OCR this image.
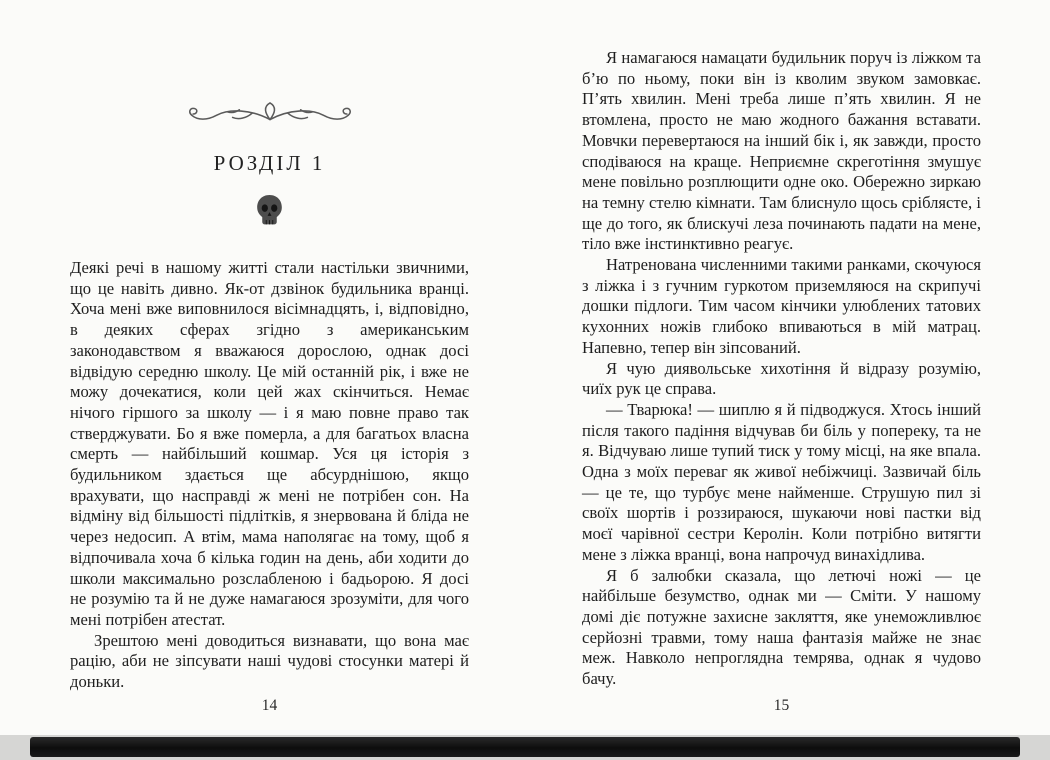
РОЗДІЛ 1

Деякі речі в нашому житті стали настільки звичними, що це навіть дивно. Як-от дзвінок будильника вранці. Хоча мені вже виповнилося вісімнадцять, і, відповідно, в деяких сферах згідно з американським законодавством я вважаюся дорослою, однак досі відвідую середню школу. Це мій останній рік, і вже не можу дочекатися, коли цей жах скінчиться. Немає нічого гіршого за школу — і я маю повне право так стверджувати. Бо я вже померла, а для багатьох власна смерть — найбільший кошмар. Уся ця історія з будильником здається ще абсурднішою, якщо врахувати, що насправді ж мені не потрібен сон. На відміну від більшості підлітків, я знервована й бліда не через недосип. А втім, мама наполягає на тому, щоб я відпочивала хоча б кілька годин на день, аби ходити до школи максимально розслабленою і бадьорою. Я досі не розумію та й не дуже намагаюся зрозуміти, для чого мені потрібен атестат.

Зрештою мені доводиться визнавати, що вона має рацію, аби не зіпсувати наші чудові стосунки матері й доньки.

14

Я намагаюся намацати будильник поруч із ліжком та б’ю по ньому, поки він із кволим звуком замовкає. П’ять хвилин. Мені треба лише п’ять хвилин. Я не втомлена, просто не маю жодного бажання вставати. Мовчки перевертаюся на інший бік і, як завжди, просто сподіваюся на краще. Неприємне скреготіння змушує мене повільно розплющити одне око. Обережно зиркаю на темну стелю кімнати. Там блиснуло щось сріблясте, і ще до того, як блискучі леза починають падати на мене, тіло вже інстинктивно реагує.

Натренована численними такими ранками, скочуюся з ліжка і з гучним гуркотом приземляюся на скрипучі дошки підлоги. Тим часом кінчики улюблених татових кухонних ножів глибоко впиваються в мій матрац. Напевно, тепер він зіпсований.

Я чую диявольське хихотіння й відразу розумію, чиїх рук це справа.

— Тварюка! — шиплю я й підводжуся. Хтось інший після такого падіння відчував би біль у попереку, та не я. Відчуваю лише тупий тиск у тому місці, на яке впала. Одна з моїх переваг як живої небіжчиці. Зазвичай біль — це те, що турбує мене найменше. Струшую пил зі своїх шортів і роззираюся, шукаючи нові пастки від моєї чарівної сестри Керолін. Коли потрібно витягти мене з ліжка вранці, вона напрочуд винахідлива.

Я б залюбки сказала, що летючі ножі — це найбільше безумство, однак ми — Сміти. У нашому домі діє потужне захисне закляття, яке унеможливлює серйозні травми, тому наша фантазія майже не знає меж. Навколо непроглядна темрява, однак я чудово бачу.

15
